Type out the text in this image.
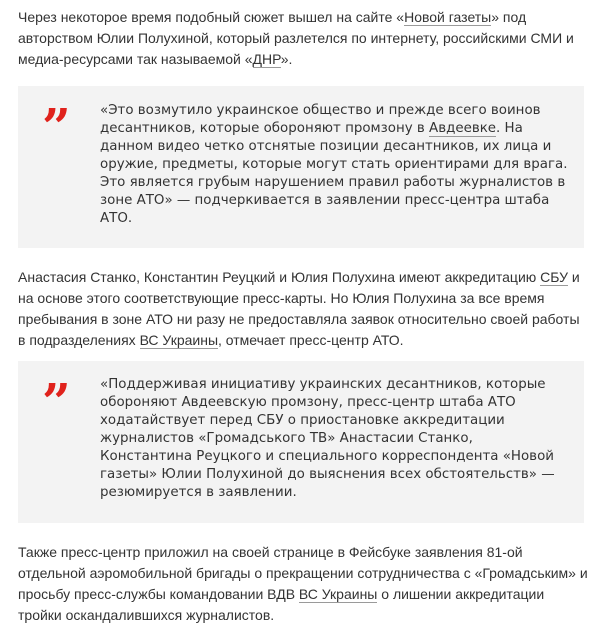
Через некоторое время подобный сюжет вышел на сайте «Новой газеты» под авторством Юлии Полухиной, который разлетелся по интернету, российскими СМИ и медиа-ресурсами так называемой «ДНР».

” «Это возмутило украинское общество и прежде всего воинов десантников, которые обороняют промзону в Авдеевке. На данном видео четко отснятые позиции десантников, их лица и оружие, предметы, которые могут стать ориентирами для врага. Это является грубым нарушением правил работы журналистов в зоне АТО» — подчеркивается в заявлении пресс-центра штаба АТО.

Анастасия Станко, Константин Реуцкий и Юлия Полухина имеют аккредитацию СБУ и на основе этого соответствующие пресс-карты. Но Юлия Полухина за все время пребывания в зоне АТО ни разу не предоставляла заявок относительно своей работы в подразделениях ВС Украины, отмечает пресс-центр АТО.

” «Поддерживая инициативу украинских десантников, которые обороняют Авдеевскую промзону, пресс-центр штаба АТО ходатайствует перед СБУ о приостановке аккредитации журналистов «Громадського ТВ» Анастасии Станко, Константина Реуцкого и специального корреспондента «Новой газеты» Юлии Полухиной до выяснения всех обстоятельств» — резюмируется в заявлении.

Также пресс-центр приложил на своей странице в Фейсбуке заявления 81-ой отдельной аэромобильной бригады о прекращении сотрудничества с «Громадським» и просьбу пресс-службы командовании ВДВ ВС Украины о лишении аккредитации тройки оскандалившихся журналистов.
